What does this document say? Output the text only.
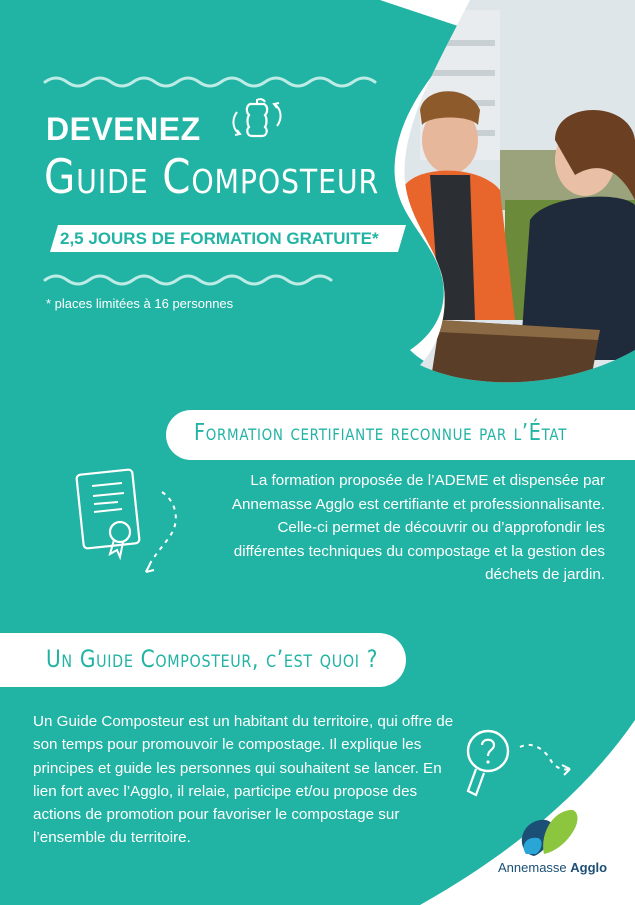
DEVENEZ
Guide Composteur
2,5 JOURS DE FORMATION GRATUITE*
* places limitées à 16 personnes
Formation certifiante reconnue par l’État
La formation proposée de l’ADEME et dispensée par Annemasse Agglo est certifiante et professionnalisante. Celle-ci permet de découvrir ou d’approfondir les différentes techniques du compostage et la gestion des déchets de jardin.
Un Guide Composteur, c’est quoi ?
Un Guide Composteur est un habitant du territoire, qui offre de son temps pour promouvoir le compostage. Il explique les principes et guide les personnes qui souhaitent se lancer. En lien fort avec l’Agglo, il relaie, participe et/ou propose des actions de promotion pour favoriser le compostage sur l’ensemble du territoire.
Annemasse Agglo
